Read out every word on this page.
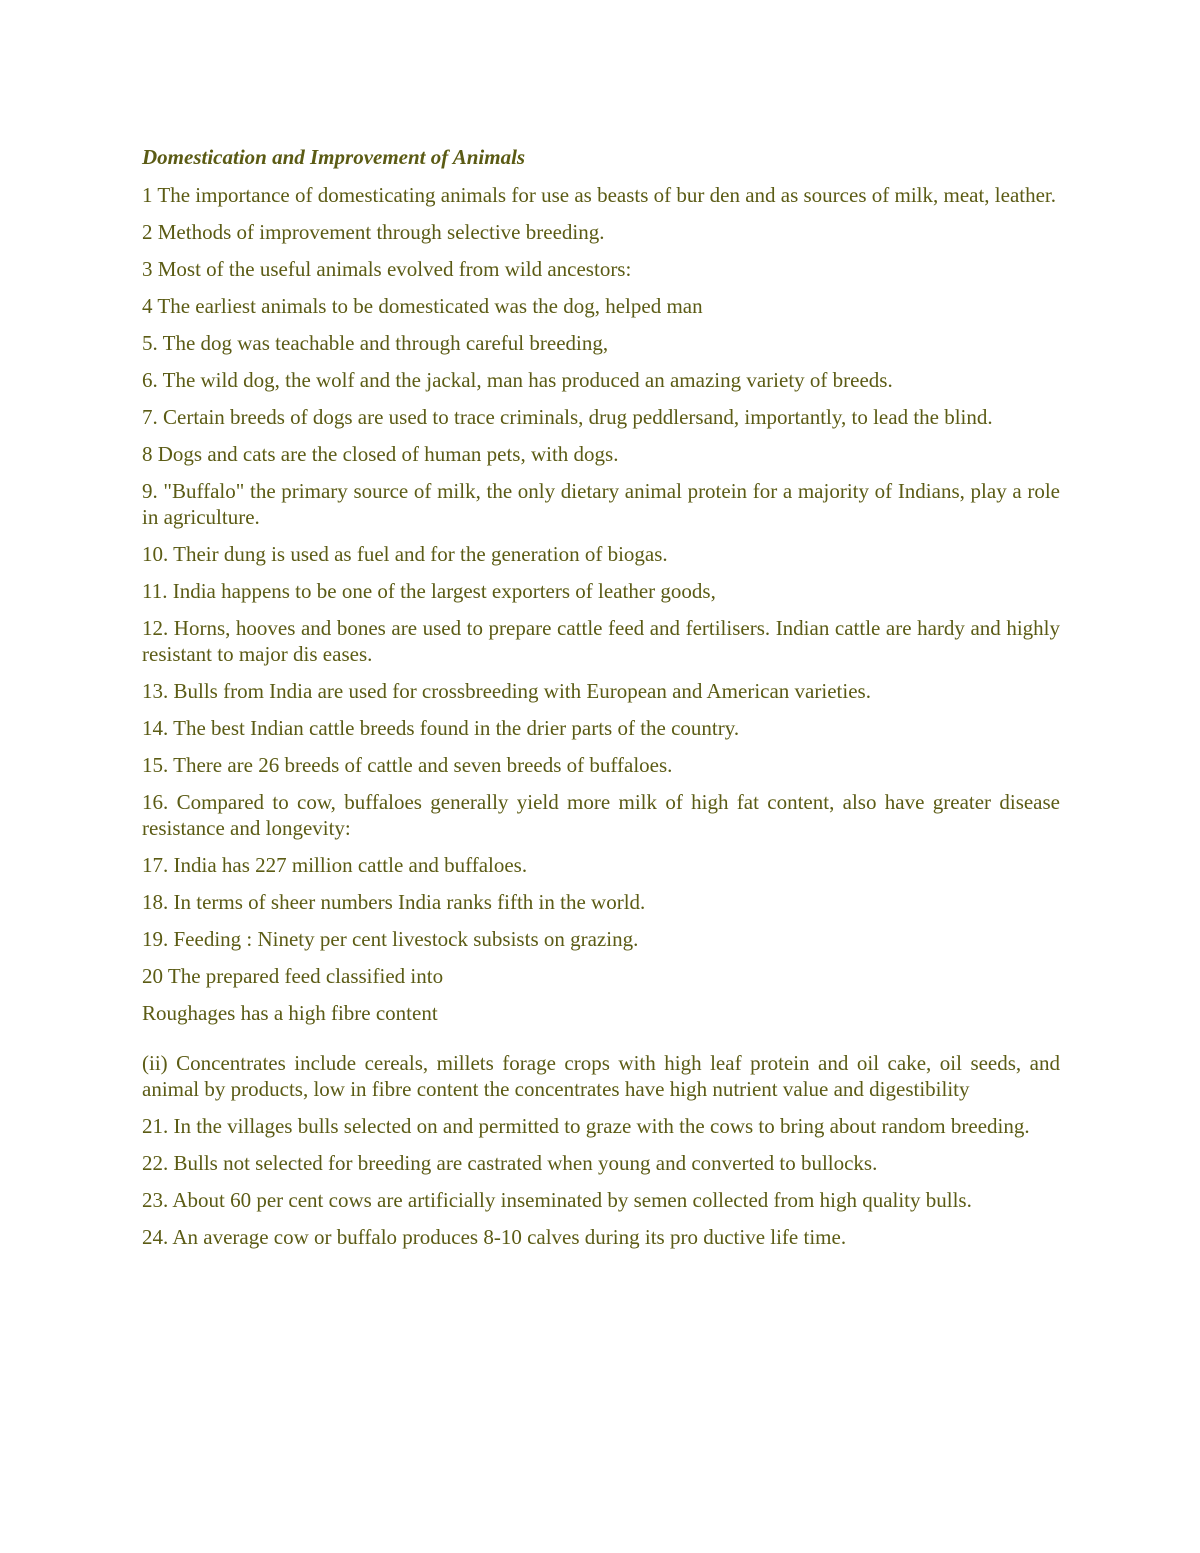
Domestication and Improvement of Animals

1 The importance of domesticating animals for use as beasts of bur den and as sources of milk, meat, leather.

2 Methods of improvement through selective breeding.

3 Most of the useful animals evolved from wild ancestors:

4 The earliest animals to be domesticated was the dog, helped man

5. The dog was teachable and through careful breeding,

6. The wild dog, the wolf and the jackal, man has produced an amazing variety of breeds.

7. Certain breeds of dogs are used to trace criminals, drug peddlersand, importantly, to lead the blind.

8 Dogs and cats are the closed of human pets, with dogs.

9. "Buffalo" the primary source of milk, the only dietary animal protein for a majority of Indians, play a role in agriculture.

10. Their dung is used as fuel and for the generation of biogas.

11. India happens to be one of the largest exporters of leather goods,

12. Horns, hooves and bones are used to prepare cattle feed and fertilisers. Indian cattle are hardy and highly resistant to major dis eases.

13. Bulls from India are used for crossbreeding with European and American varieties.

14. The best Indian cattle breeds found in the drier parts of the country.

15. There are 26 breeds of cattle and seven breeds of buffaloes.

16. Compared to cow, buffaloes generally yield more milk of high fat content, also have greater disease resistance and longevity:

17. India has 227 million cattle and buffaloes.

18. In terms of sheer numbers India ranks fifth in the world.

19. Feeding : Ninety per cent livestock subsists on grazing.

20 The prepared feed classified into

Roughages has a high fibre content

(ii) Concentrates include cereals, millets forage crops with high leaf protein and oil cake, oil seeds, and animal by products, low in fibre content the concentrates have high nutrient value and digestibility

21. In the villages bulls selected on and permitted to graze with the cows to bring about random breeding.

22. Bulls not selected for breeding are castrated when young and converted to bullocks.

23. About 60 per cent cows are artificially inseminated by semen collected from high quality bulls.

24. An average cow or buffalo produces 8-10 calves during its pro ductive life time.
